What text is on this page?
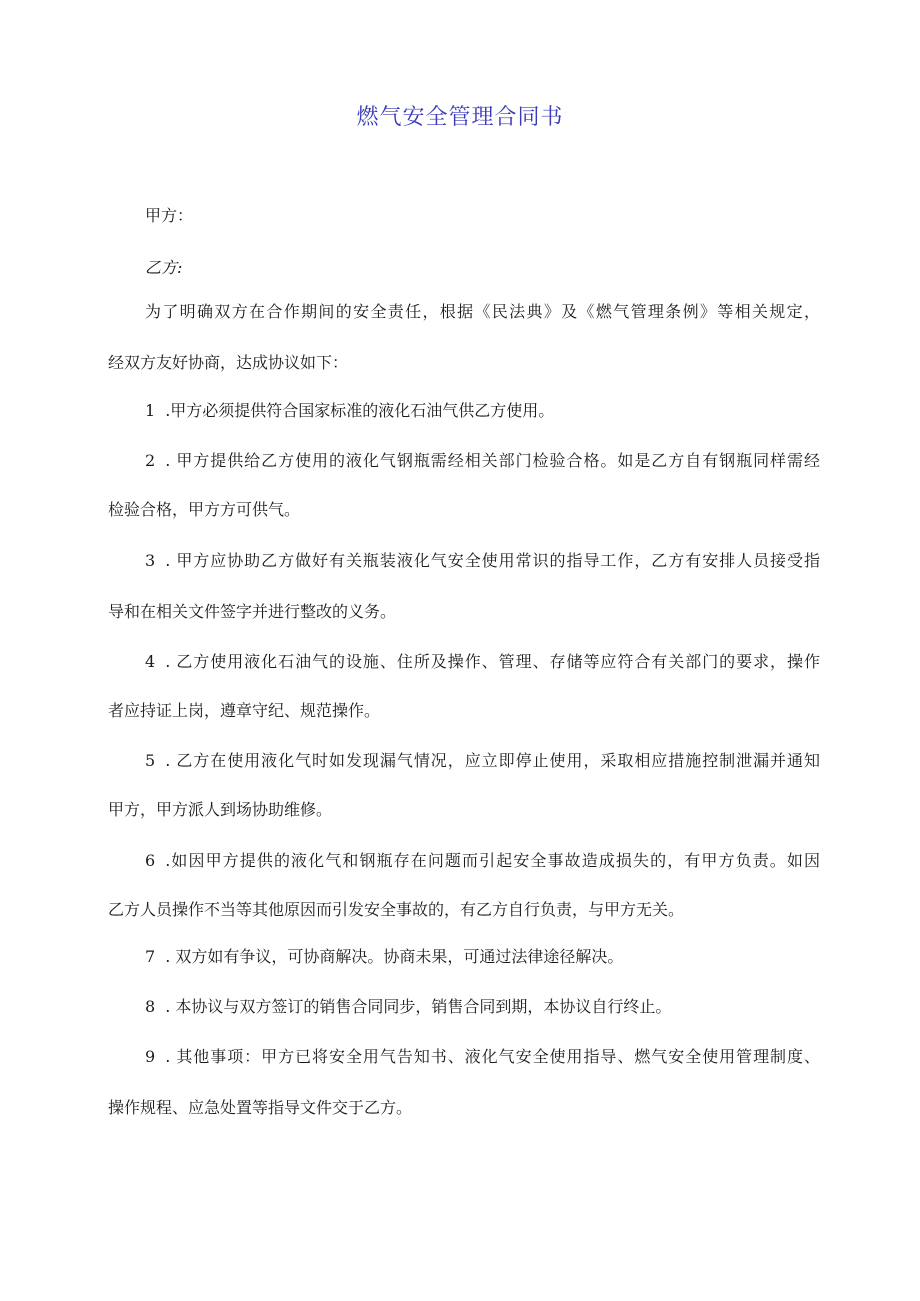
燃气安全管理合同书
甲方：
乙方:
为了明确双方在合作期间的安全责任，根据《民法典》及《燃气管理条例》等相关规定，
经双方友好协商，达成协议如下：
1 .甲方必须提供符合国家标准的液化石油气供乙方使用。
2 . 甲方提供给乙方使用的液化气钢瓶需经相关部门检验合格。如是乙方自有钢瓶同样需经
检验合格，甲方方可供气。
3 . 甲方应协助乙方做好有关瓶装液化气安全使用常识的指导工作，乙方有安排人员接受指
导和在相关文件签字并进行整改的义务。
4 . 乙方使用液化石油气的设施、住所及操作、管理、存储等应符合有关部门的要求，操作
者应持证上岗，遵章守纪、规范操作。
5 . 乙方在使用液化气时如发现漏气情况，应立即停止使用，采取相应措施控制泄漏并通知
甲方，甲方派人到场协助维修。
6 .如因甲方提供的液化气和钢瓶存在问题而引起安全事故造成损失的，有甲方负责。如因
乙方人员操作不当等其他原因而引发安全事故的，有乙方自行负责，与甲方无关。
7 . 双方如有争议，可协商解决。协商未果，可通过法律途径解决。
8 . 本协议与双方签订的销售合同同步，销售合同到期，本协议自行终止。
9 . 其他事项：甲方已将安全用气告知书、液化气安全使用指导、燃气安全使用管理制度、
操作规程、应急处置等指导文件交于乙方。
